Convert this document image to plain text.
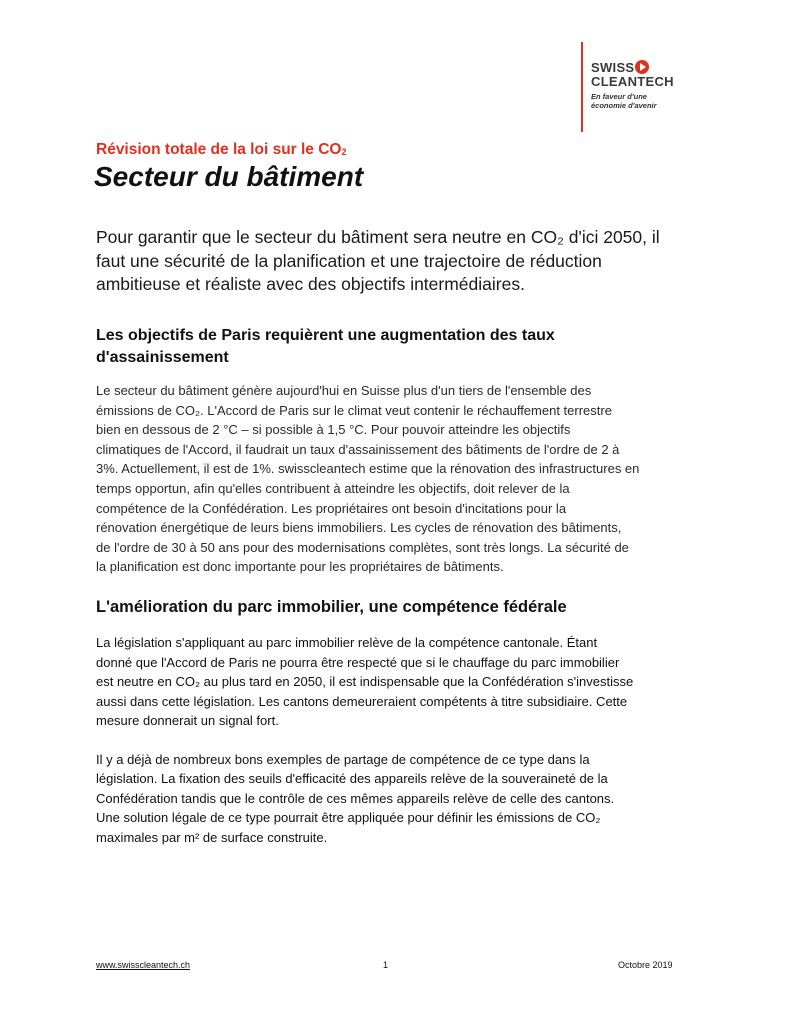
SWISS
CLEANTECH
En faveur d'une
économie d'avenir
Révision totale de la loi sur le $CO_2$
Secteur du bâtiment
Pour garantir que le secteur du bâtiment sera neutre en CO₂ d'ici 2050, il
faut une sécurité de la planification et une trajectoire de réduction
ambitieuse et réaliste avec des objectifs intermédiaires.
Les objectifs de Paris requièrent une augmentation des taux
d'assainissement
Le secteur du bâtiment génère aujourd'hui en Suisse plus d'un tiers de l'ensemble des
émissions de CO₂. L'Accord de Paris sur le climat veut contenir le réchauffement terrestre
bien en dessous de 2 °C – si possible à 1,5 °C. Pour pouvoir atteindre les objectifs
climatiques de l'Accord, il faudrait un taux d'assainissement des bâtiments de l'ordre de 2 à
3%. Actuellement, il est de 1%. swisscleantech estime que la rénovation des infrastructures en
temps opportun, afin qu'elles contribuent à atteindre les objectifs, doit relever de la
compétence de la Confédération. Les propriétaires ont besoin d'incitations pour la
rénovation énergétique de leurs biens immobiliers. Les cycles de rénovation des bâtiments,
de l'ordre de 30 à 50 ans pour des modernisations complètes, sont très longs. La sécurité de
la planification est donc importante pour les propriétaires de bâtiments.
L'amélioration du parc immobilier, une compétence fédérale
La législation s'appliquant au parc immobilier relève de la compétence cantonale. Étant
donné que l'Accord de Paris ne pourra être respecté que si le chauffage du parc immobilier
est neutre en CO₂ au plus tard en 2050, il est indispensable que la Confédération s'investisse
aussi dans cette législation. Les cantons demeureraient compétents à titre subsidiaire. Cette
mesure donnerait un signal fort.
Il y a déjà de nombreux bons exemples de partage de compétence de ce type dans la
législation. La fixation des seuils d'efficacité des appareils relève de la souveraineté de la
Confédération tandis que le contrôle de ces mêmes appareils relève de celle des cantons.
Une solution légale de ce type pourrait être appliquée pour définir les émissions de CO₂
maximales par m² de surface construite.
www.swisscleantech.ch	1	Octobre 2019
